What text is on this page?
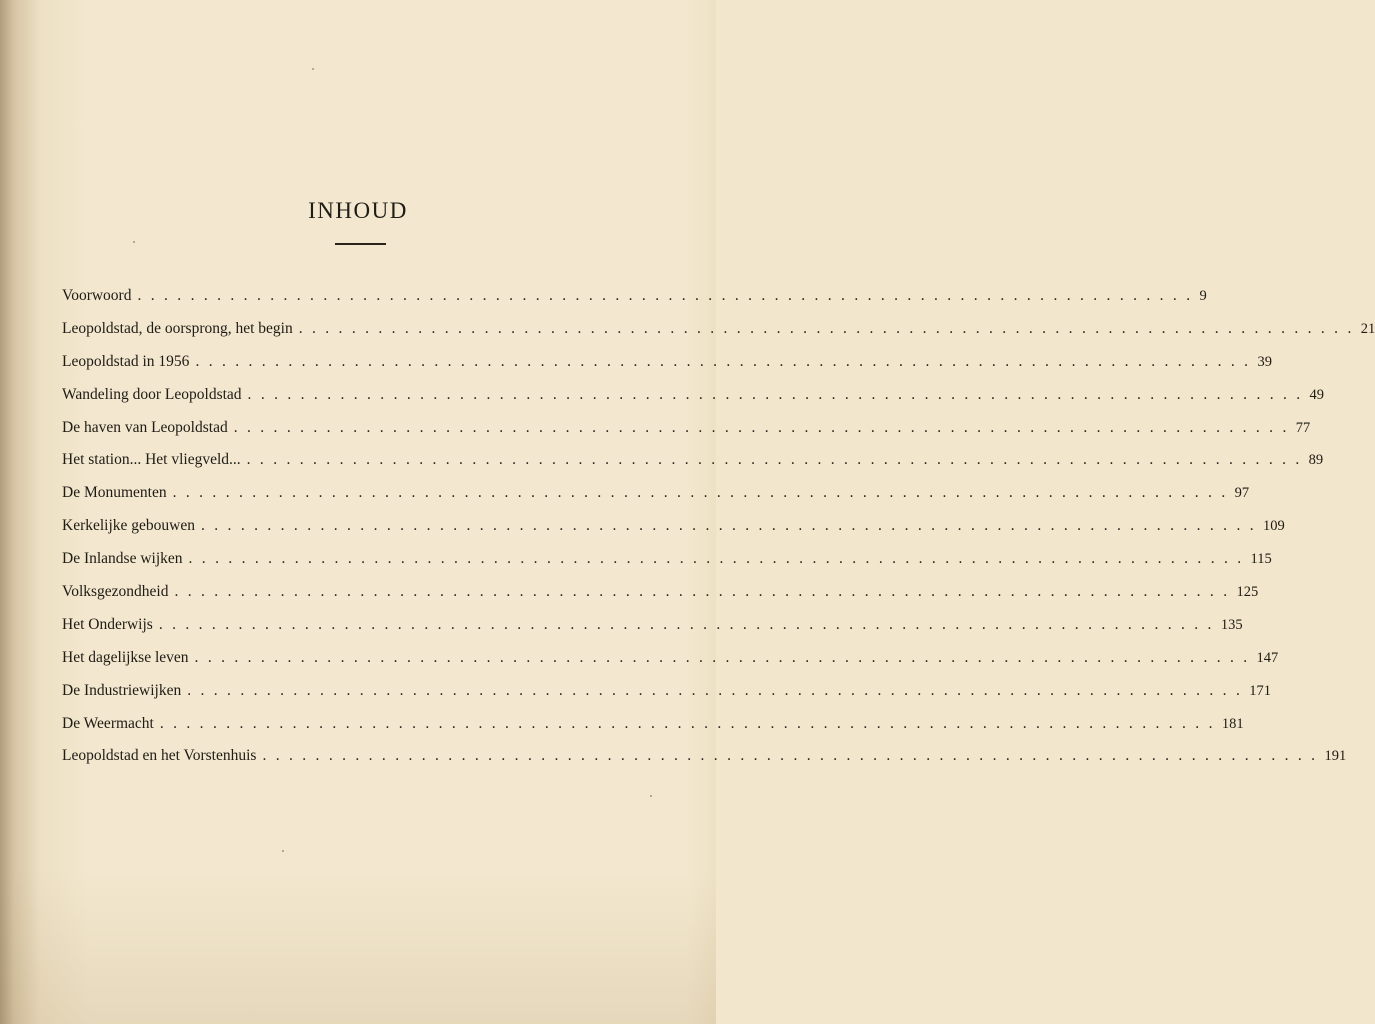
INHOUD
Voorwoord ................................................................................ 9
Leopoldstad, de oorsprong, het begin ................................................................................ 21
Leopoldstad in 1956 ................................................................................ 39
Wandeling door Leopoldstad ................................................................................ 49
De haven van Leopoldstad ................................................................................ 77
Het station... Het vliegveld... ................................................................................ 89
De Monumenten ................................................................................ 97
Kerkelijke gebouwen ................................................................................ 109
De Inlandse wijken ................................................................................ 115
Volksgezondheid ................................................................................ 125
Het Onderwijs ................................................................................ 135
Het dagelijkse leven ................................................................................ 147
De Industriewijken ................................................................................ 171
De Weermacht ................................................................................ 181
Leopoldstad en het Vorstenhuis ................................................................................ 191
